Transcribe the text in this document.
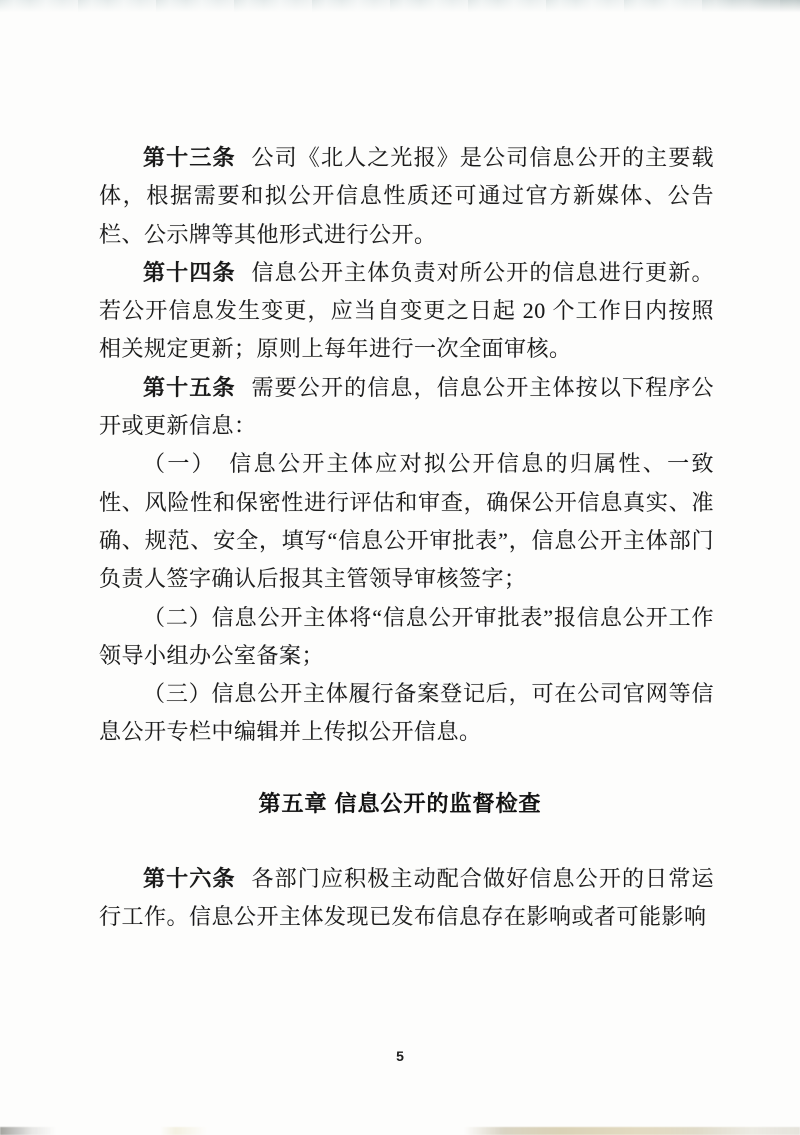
第十三条 公司《北人之光报》是公司信息公开的主要载体，根据需要和拟公开信息性质还可通过官方新媒体、公告栏、公示牌等其他形式进行公开。

第十四条 信息公开主体负责对所公开的信息进行更新。若公开信息发生变更，应当自变更之日起 20 个工作日内按照相关规定更新；原则上每年进行一次全面审核。

第十五条 需要公开的信息，信息公开主体按以下程序公开或更新信息：

（一）　信息公开主体应对拟公开信息的归属性、一致性、风险性和保密性进行评估和审查，确保公开信息真实、准确、规范、安全，填写“信息公开审批表”，信息公开主体部门负责人签字确认后报其主管领导审核签字；

（二）信息公开主体将“信息公开审批表”报信息公开工作领导小组办公室备案；

（三）信息公开主体履行备案登记后，可在公司官网等信息公开专栏中编辑并上传拟公开信息。

第五章 信息公开的监督检查

第十六条 各部门应积极主动配合做好信息公开的日常运行工作。信息公开主体发现已发布信息存在影响或者可能影响

5
